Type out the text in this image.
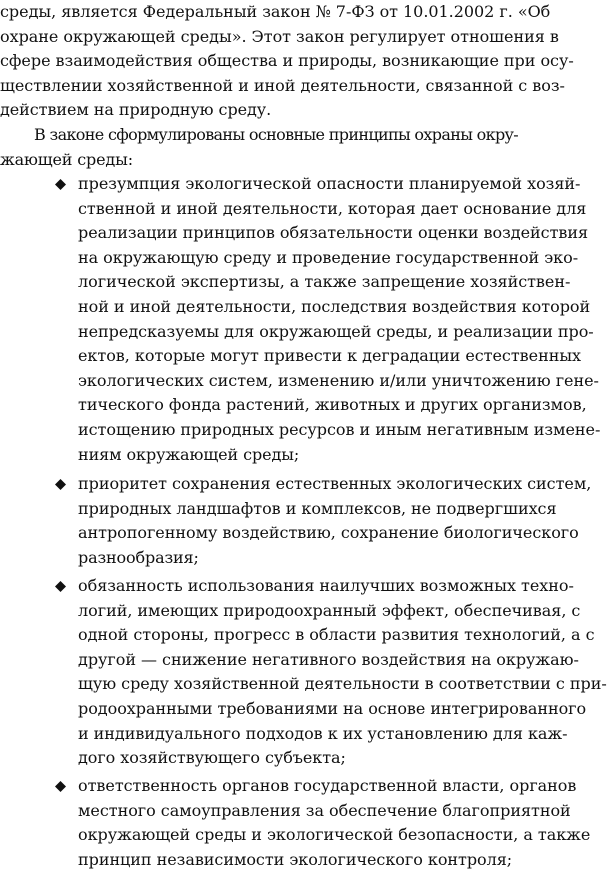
среды, является Федеральный закон № 7-ФЗ от 10.01.2002 г. «Об
охране окружающей среды». Этот закон регулирует отношения в
сфере взаимодействия общества и природы, возникающие при осу-
ществлении хозяйственной и иной деятельности, связанной с воз-
действием на природную среду.
В законе сформулированы основные принципы охраны окру-
жающей среды:
презумпция экологической опасности планируемой хозяй-
ственной и иной деятельности, которая дает основание для
реализации принципов обязательности оценки воздействия
на окружающую среду и проведение государственной эко-
логической экспертизы, а также запрещение хозяйствен-
ной и иной деятельности, последствия воздействия которой
непредсказуемы для окружающей среды, и реализации про-
ектов, которые могут привести к деградации естественных
экологических систем, изменению и/или уничтожению гене-
тического фонда растений, животных и других организмов,
истощению природных ресурсов и иным негативным измене-
ниям окружающей среды;
приоритет сохранения естественных экологических систем,
природных ландшафтов и комплексов, не подвергшихся
антропогенному воздействию, сохранение биологического
разнообразия;
обязанность использования наилучших возможных техно-
логий, имеющих природоохранный эффект, обеспечивая, с
одной стороны, прогресс в области развития технологий, а с
другой — снижение негативного воздействия на окружаю-
щую среду хозяйственной деятельности в соответствии с при-
родоохранными требованиями на основе интегрированного
и индивидуального подходов к их установлению для каж-
дого хозяйствующего субъекта;
ответственность органов государственной власти, органов
местного самоуправления за обеспечение благоприятной
окружающей среды и экологической безопасности, а также
принцип независимости экологического контроля;
